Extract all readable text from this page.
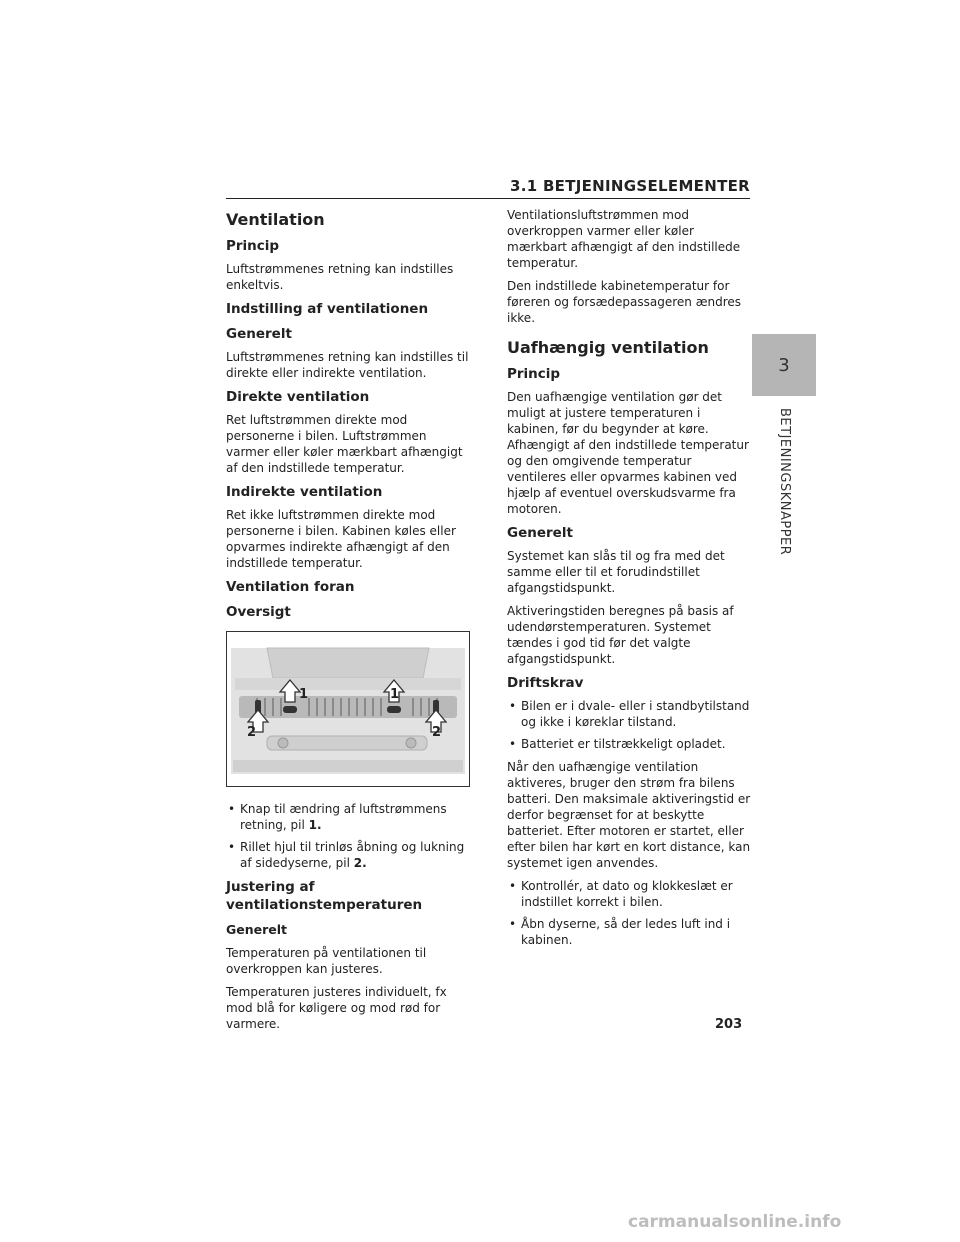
3.1 BETJENINGSELEMENTER
Ventilation
Princip

Luftstrømmenes retning kan indstilles enkeltvis.

Indstilling af ventilationen
Generelt

Luftstrømmenes retning kan indstilles til direkte eller indirekte ventilation.

Direkte ventilation

Ret luftstrømmen direkte mod personerne i bilen. Luftstrømmen varmer eller køler mærkbart afhængigt af den indstillede temperatur.

Indirekte ventilation

Ret ikke luftstrømmen direkte mod personerne i bilen. Kabinen køles eller opvarmes indirekte afhængigt af den indstillede temperatur.

Ventilation foran
Oversigt
1	1
2	2
• Knap til ændring af luftstrømmens retning, pil 1.
• Rillet hjul til trinløs åbning og lukning af sidedyserne, pil 2.
Justering af ventilationstemperaturen
Generelt

Temperaturen på ventilationen til overkroppen kan justeres.

Temperaturen justeres individuelt, fx mod blå for køligere og mod rød for varmere.

Ventilationsluftstrømmen mod overkroppen varmer eller køler mærkbart afhængigt af den indstillede temperatur.

Den indstillede kabinetemperatur for føreren og forsædepassageren ændres ikke.

Uafhængig ventilation
Princip

Den uafhængige ventilation gør det muligt at justere temperaturen i kabinen, før du begynder at køre. Afhængigt af den indstillede temperatur og den omgivende temperatur ventileres eller opvarmes kabinen ved hjælp af eventuel overskudsvarme fra motoren.

Generelt

Systemet kan slås til og fra med det samme eller til et forudindstillet afgangstidspunkt.

Aktiveringstiden beregnes på basis af udendørstemperaturen. Systemet tændes i god tid før det valgte afgangstidspunkt.

Driftskrav
• Bilen er i dvale- eller i standbytilstand og ikke i køreklar tilstand.
• Batteriet er tilstrækkeligt opladet.

Når den uafhængige ventilation aktiveres, bruger den strøm fra bilens batteri. Den maksimale aktiveringstid er derfor begrænset for at beskytte batteriet. Efter motoren er startet, eller efter bilen har kørt en kort distance, kan systemet igen anvendes.

• Kontrollér, at dato og klokkeslæt er indstillet korrekt i bilen.
• Åbn dyserne, så der ledes luft ind i kabinen.
3
BETJENINGSKNAPPER
203
carmanualsonline.info
